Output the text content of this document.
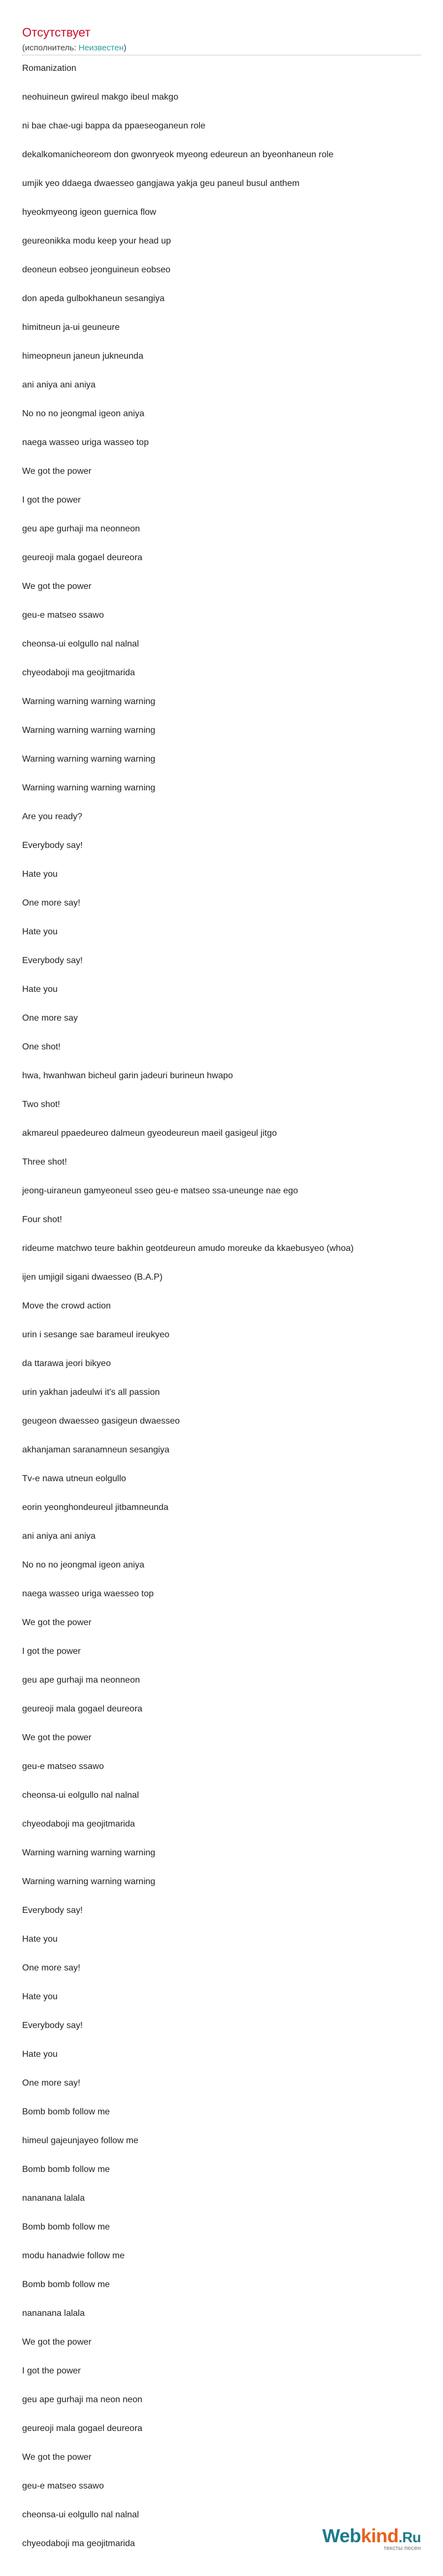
Отсутствует
(исполнитель: Неизвестен)
Romanization
neohuineun gwireul makgo ibeul makgo
ni bae chae-ugi bappa da ppaeseoganeun role
dekalkomanicheoreom don gwonryeok myeong edeureun an byeonhaneun role
umjik yeo ddaega dwaesseo gangjawa yakja geu paneul busul anthem
hyeokmyeong igeon guernica flow
geureonikka modu keep your head up
deoneun eobseo jeonguineun eobseo
don apeda gulbokhaneun sesangiya
himitneun ja-ui geuneure
himeopneun janeun jukneunda
ani aniya ani aniya
No no no jeongmal igeon aniya
naega wasseo uriga wasseo top
We got the power
I got the power
geu ape gurhaji ma neonneon
geureoji mala gogael deureora
We got the power
geu-e matseo ssawo
cheonsa-ui eolgullo nal nalnal
chyeodaboji ma geojitmarida
Warning warning warning warning
Warning warning warning warning
Warning warning warning warning
Warning warning warning warning
Are you ready?
Everybody say!
Hate you
One more say!
Hate you
Everybody say!
Hate you
One more say
One shot!
hwa, hwanhwan bicheul garin jadeuri burineun hwapo
Two shot!
akmareul ppaedeureo dalmeun gyeodeureun maeil gasigeul jitgo
Three shot!
jeong-uiraneun gamyeoneul sseo geu-e matseo ssa-uneunge nae ego
Four shot!
rideume matchwo teure bakhin geotdeureun amudo moreuke da kkaebusyeo (whoa)
ijen umjigil sigani dwaesseo (B.A.P)
Move the crowd action
urin i sesange sae barameul ireukyeo
da ttarawa jeori bikyeo
urin yakhan jadeulwi it's all passion
geugeon dwaesseo gasigeun dwaesseo
akhanjaman saranamneun sesangiya
Tv-e nawa utneun eolgullo
eorin yeonghondeureul jitbamneunda
ani aniya ani aniya
No no no jeongmal igeon aniya
naega wasseo uriga waesseo top
We got the power
I got the power
geu ape gurhaji ma neonneon
geureoji mala gogael deureora
We got the power
geu-e matseo ssawo
cheonsa-ui eolgullo nal nalnal
chyeodaboji ma geojitmarida
Warning warning warning warning
Warning warning warning warning
Everybody say!
Hate you
One more say!
Hate you
Everybody say!
Hate you
One more say!
Bomb bomb follow me
himeul gajeunjayeo follow me
Bomb bomb follow me
nananana lalala
Bomb bomb follow me
modu hanadwie follow me
Bomb bomb follow me
nananana lalala
We got the power
I got the power
geu ape gurhaji ma neon neon
geureoji mala gogael deureora
We got the power
geu-e matseo ssawo
cheonsa-ui eolgullo nal nalnal
chyeodaboji ma geojitmarida	Webkind.Ru
тексты песен
